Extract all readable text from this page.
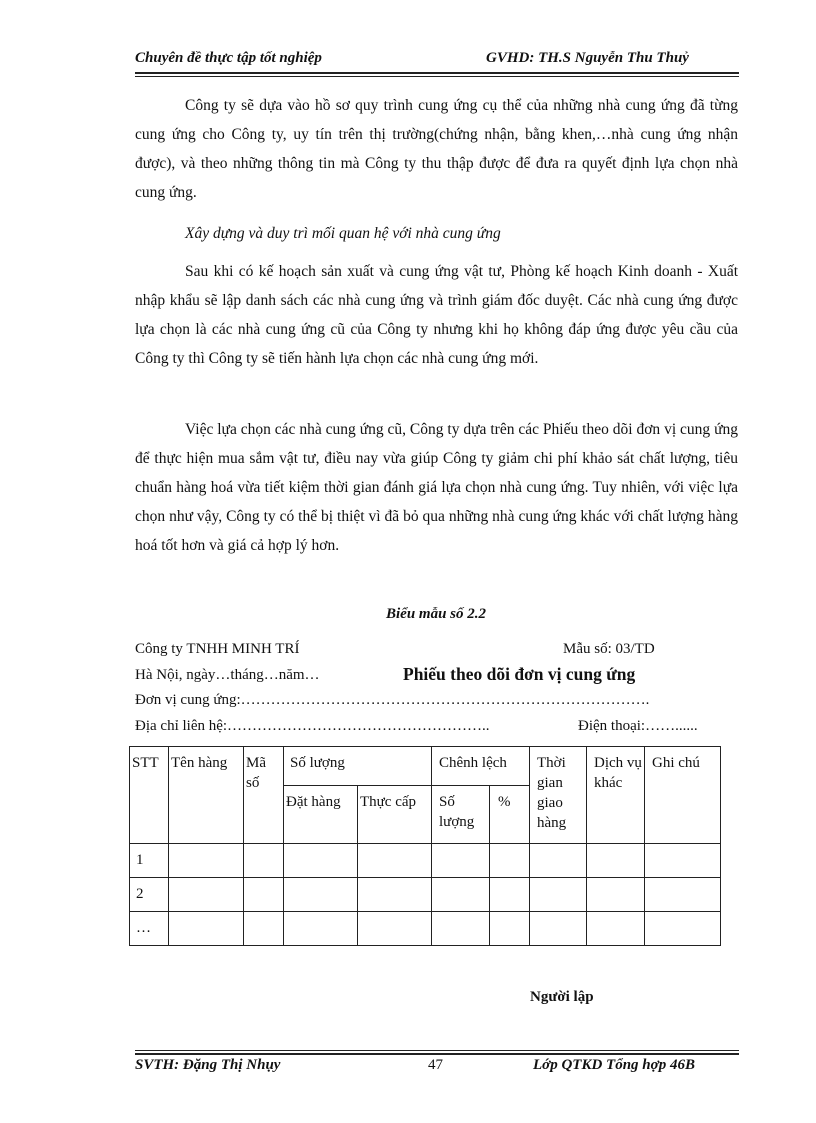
Chuyên đề thực tập tốt nghiệp	GVHD: TH.S Nguyễn Thu Thuỷ
Công ty sẽ dựa vào hồ sơ quy trình cung ứng cụ thể của những nhà cung ứng đã từng cung ứng cho Công ty, uy tín trên thị trường(chứng nhận, bằng khen,…nhà cung ứng nhận được), và theo những thông tin mà Công ty thu thập được để đưa ra quyết định lựa chọn nhà cung ứng.
Xây dựng và duy trì mối quan hệ với nhà cung ứng
Sau khi có kế hoạch sản xuất và cung ứng vật tư, Phòng kế hoạch Kinh doanh - Xuất nhập khẩu sẽ lập danh sách các nhà cung ứng và trình giám đốc duyệt. Các nhà cung ứng được lựa chọn là các nhà cung ứng cũ của Công ty nhưng khi họ không đáp ứng được yêu cầu của Công ty thì Công ty sẽ tiến hành lựa chọn các nhà cung ứng mới.
Việc lựa chọn các nhà cung ứng cũ, Công ty dựa trên các Phiếu theo dõi đơn vị cung ứng để thực hiện mua sắm vật tư, điều nay vừa giúp Công ty giảm chi phí khảo sát chất lượng, tiêu chuẩn hàng hoá vừa tiết kiệm thời gian đánh giá lựa chọn nhà cung ứng. Tuy nhiên, với việc lựa chọn như vậy, Công ty có thể bị thiệt vì đã bỏ qua những nhà cung ứng khác với chất lượng hàng hoá tốt hơn và giá cả hợp lý hơn.
Biểu mẫu số 2.2
Công ty TNHH MINH TRÍ	Mẫu số: 03/TD
Hà Nội, ngày…tháng…năm…	Phiếu theo dõi đơn vị cung ứng
Đơn vị cung ứng:……………………………………………………………………….
Địa chỉ liên hệ:……………………………………………..	Điện thoại:……......
STT	Tên hàng	Mã số	Số lượng		Chênh lệch		Thời gian giao hàng	Dịch vụ khác	Ghi chú
			Đặt hàng	Thực cấp	Số lượng	%			
1									
2									
…									
Người lập
SVTH: Đặng Thị Nhụy	47	Lớp QTKD Tổng hợp 46B
